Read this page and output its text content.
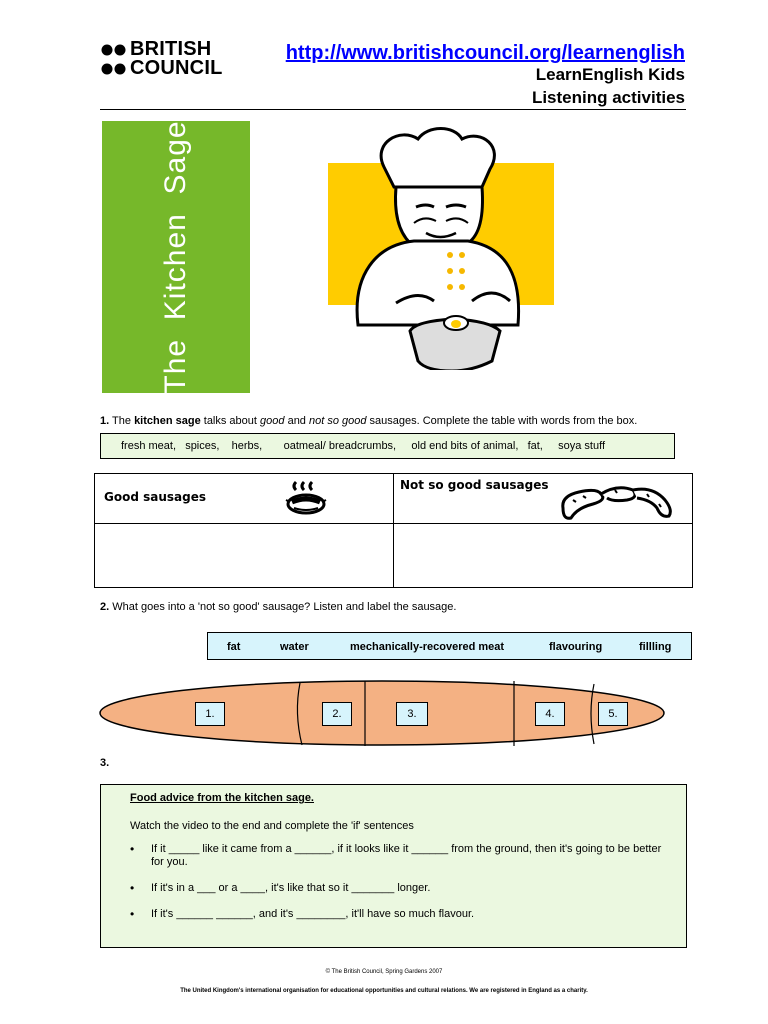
BRITISH
COUNCIL
http://www.britishcouncil.org/learnenglish
LearnEnglish Kids
Listening activities
The  Kitchen  Sage
1. The kitchen sage talks about good and not so good sausages. Complete the table with words from the box.
fresh meat,   spices,    herbs,       oatmeal/ breadcrumbs,     old end bits of animal,   fat,     soya stuff
Good sausages
Not so good sausages
2. What goes into a 'not so good' sausage? Listen and label the sausage.
fat	water	mechanically-recovered meat	flavouring	fillling
1.	2.	3.	4.	5.
3.
Food advice from the kitchen sage.
Watch the video to the end and complete the 'if' sentences
• If it _____ like it came from a ______, if it looks like it ______ from the ground, then it's going to be better for you.
• If it's in a ___ or a ____, it's like that so it _______ longer.
• If it's ______ ______, and it's ________, it'll have so much flavour.
© The British Council, Spring Gardens 2007
The United Kingdom's international organisation for educational opportunities and cultural relations. We are registered in England as a charity.
